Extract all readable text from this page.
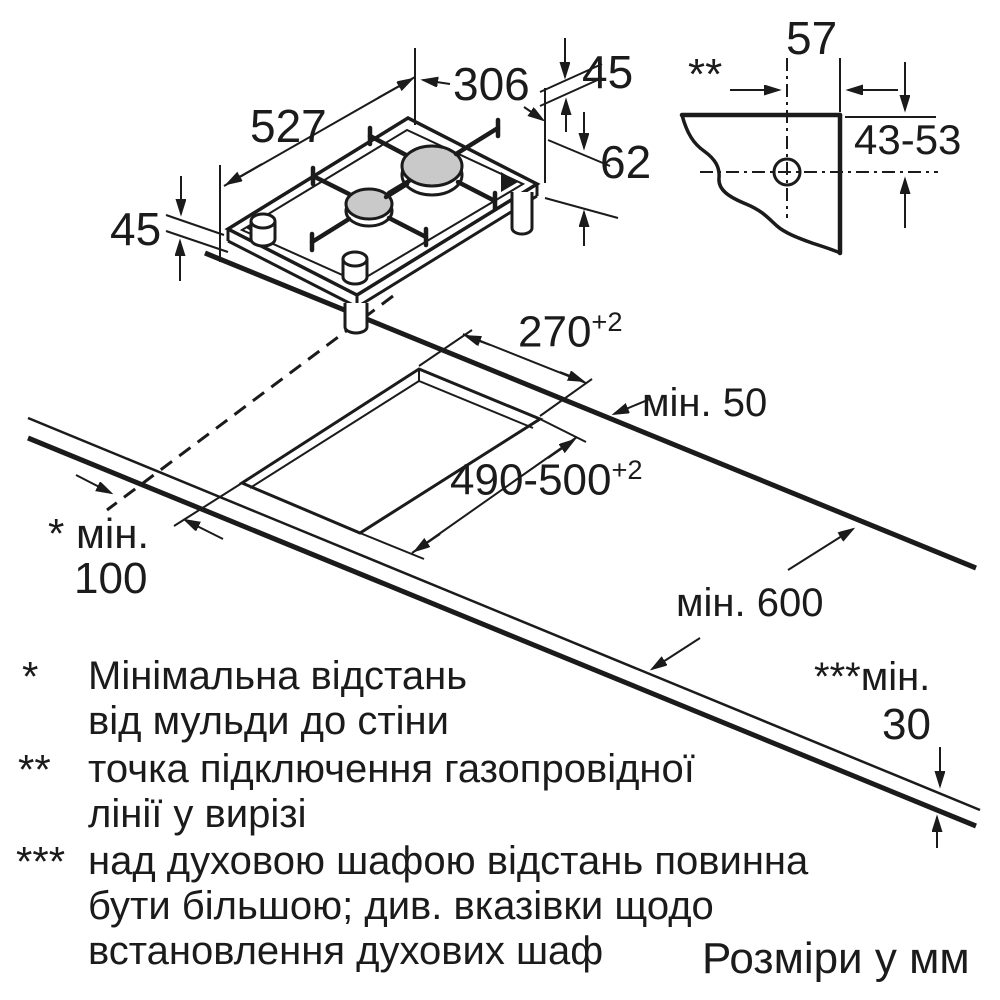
527
306 45
62
45
**
57
43-53
$270^{+2}$
мін. 50
$490-500^{+2}$
* мін.
100	мін. 600
***мін.
30
* Мінімальна відстань
від мульди до стіни
** точка підключення газопровідної
лінії у вирізі
*** над духовою шафою відстань повинна
бути більшою; див. вказівки щодо
встановлення духових шаф Розміри у мм
